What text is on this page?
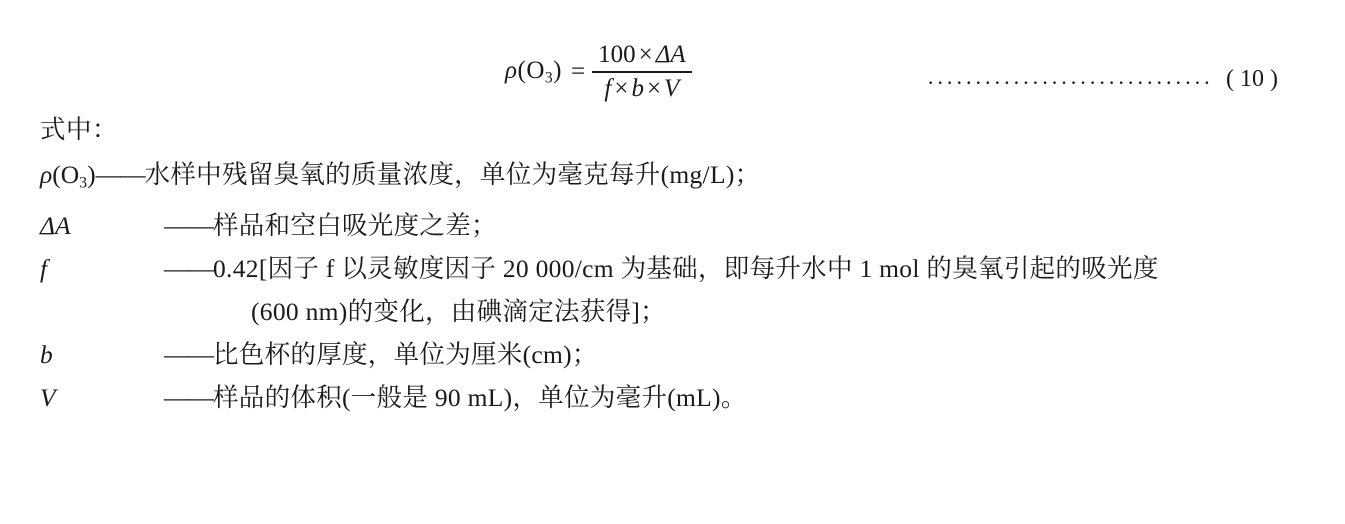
$\rho(O_3) = \frac{100 \times \Delta A}{f \times b \times V}$	······························ ( 10 )
式中：
$\rho(O_3)$ —— 水样中残留臭氧的质量浓度，单位为毫克每升(mg/L)；
ΔA	—— 样品和空白吸光度之差；
f	—— 0.42[因子 f 以灵敏度因子 20 000/cm 为基础，即每升水中 1 mol 的臭氧引起的吸光度
(600 nm)的变化，由碘滴定法获得]；
b	—— 比色杯的厚度，单位为厘米(cm)；
V	—— 样品的体积(一般是 90 mL)，单位为毫升(mL)。
